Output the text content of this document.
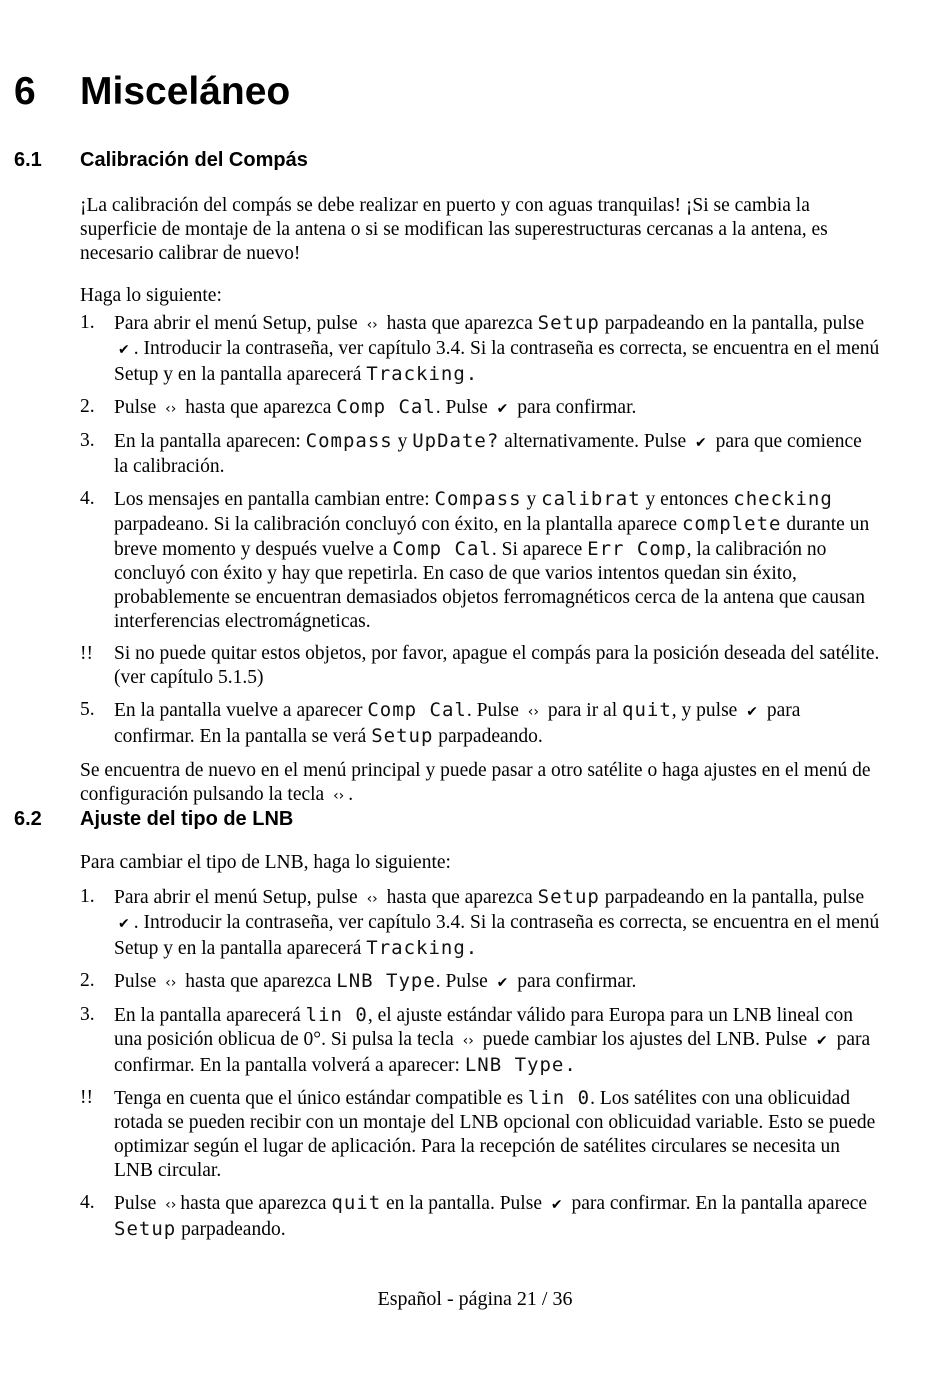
6 Misceláneo
6.1 Calibración del Compás

¡La calibración del compás se debe realizar en puerto y con aguas tranquilas! ¡Si se cambia la superficie de montaje de la antena o si se modifican las superestructuras cercanas a la antena, es necesario calibrar de nuevo!

Haga lo siguiente:

1. Para abrir el menú Setup, pulse ‹› hasta que aparezca Setup parpadeando en la pantalla, pulse ✔ . Introducir la contraseña, ver capítulo 3.4. Si la contraseña es correcta, se encuentra en el menú Setup y en la pantalla aparecerá Tracking.

2. Pulse ‹› hasta que aparezca Comp Cal. Pulse ✔ para confirmar.

3. En la pantalla aparecen: Compass y UpDate? alternativamente. Pulse ✔ para que comience la calibración.

4. Los mensajes en pantalla cambian entre: Compass y calibrat y entonces checking parpadeano. Si la calibración concluyó con éxito, en la plantalla aparece complete durante un breve momento y después vuelve a Comp Cal. Si aparece Err Comp, la calibración no concluyó con éxito y hay que repetirla. En caso de que varios intentos quedan sin éxito, probablemente se encuentran demasiados objetos ferromagnéticos cerca de la antena que causan interferencias electromágneticas.

!! Si no puede quitar estos objetos, por favor, apague el compás para la posición deseada del satélite. (ver capítulo 5.1.5)

5. En la pantalla vuelve a aparecer Comp Cal. Pulse ‹› para ir al quit, y pulse ✔ para confirmar. En la pantalla se verá Setup parpadeando.

Se encuentra de nuevo en el menú principal y puede pasar a otro satélite o haga ajustes en el menú de configuración pulsando la tecla ‹› .

6.2 Ajuste del tipo de LNB

Para cambiar el tipo de LNB, haga lo siguiente:

1. Para abrir el menú Setup, pulse ‹› hasta que aparezca Setup parpadeando en la pantalla, pulse ✔ . Introducir la contraseña, ver capítulo 3.4. Si la contraseña es correcta, se encuentra en el menú Setup y en la pantalla aparecerá Tracking.

2. Pulse ‹› hasta que aparezca LNB Type. Pulse ✔ para confirmar.

3. En la pantalla aparecerá lin 0, el ajuste estándar válido para Europa para un LNB lineal con una posición oblicua de 0°. Si pulsa la tecla ‹› puede cambiar los ajustes del LNB. Pulse ✔ para confirmar. En la pantalla volverá a aparecer: LNB Type.

!! Tenga en cuenta que el único estándar compatible es lin 0. Los satélites con una oblicuidad rotada se pueden recibir con un montaje del LNB opcional con oblicuidad variable. Esto se puede optimizar según el lugar de aplicación. Para la recepción de satélites circulares se necesita un LNB circular.

4. Pulse ‹› hasta que aparezca quit en la pantalla. Pulse ✔ para confirmar. En la pantalla aparece Setup parpadeando.

Español - página 21 / 36
